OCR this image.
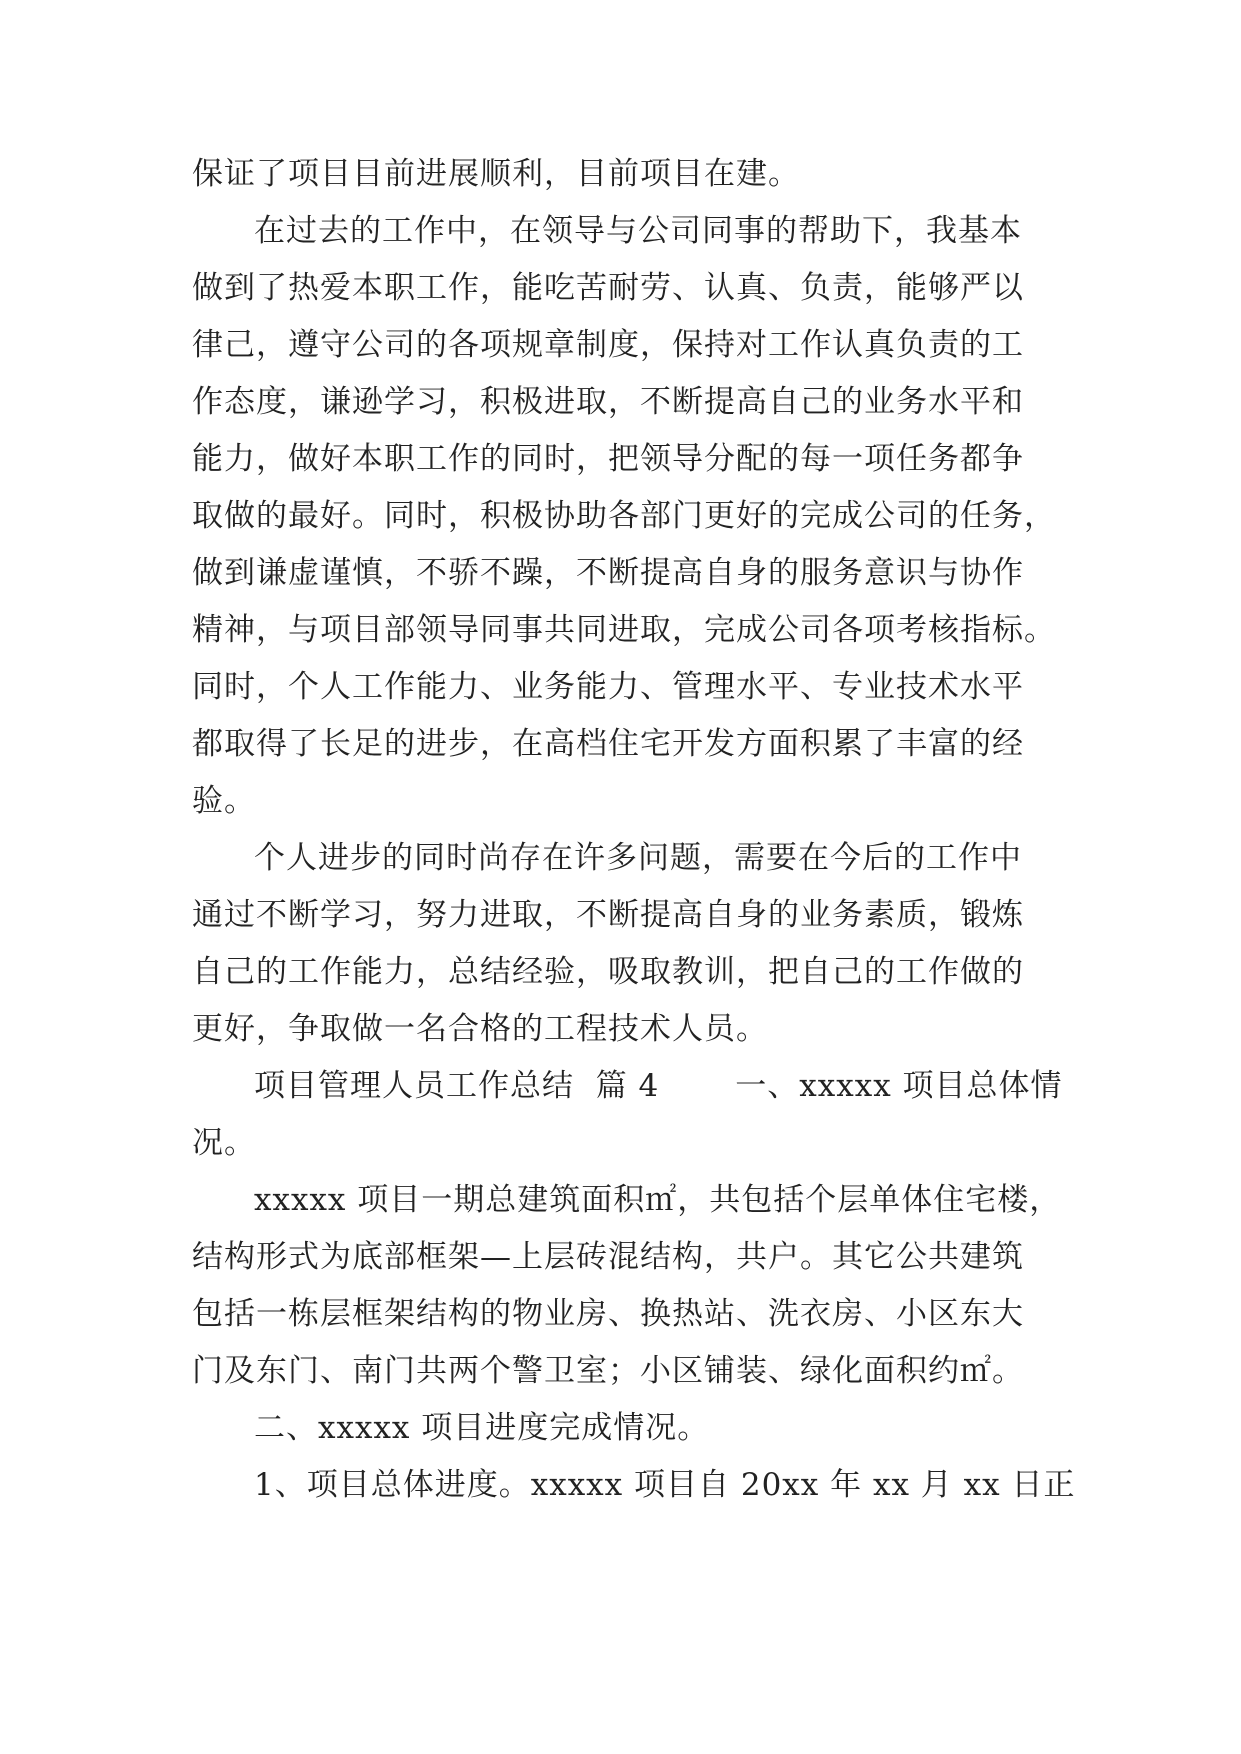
保证了项目目前进展顺利，目前项目在建。
在过去的工作中，在领导与公司同事的帮助下，我基本
做到了热爱本职工作，能吃苦耐劳、认真、负责，能够严以
律己，遵守公司的各项规章制度，保持对工作认真负责的工
作态度，谦逊学习，积极进取，不断提高自己的业务水平和
能力，做好本职工作的同时，把领导分配的每一项任务都争
取做的最好。同时，积极协助各部门更好的完成公司的任务，
做到谦虚谨慎，不骄不躁，不断提高自身的服务意识与协作
精神，与项目部领导同事共同进取，完成公司各项考核指标。
同时，个人工作能力、业务能力、管理水平、专业技术水平
都取得了长足的进步，在高档住宅开发方面积累了丰富的经
验。
个人进步的同时尚存在许多问题，需要在今后的工作中
通过不断学习，努力进取，不断提高自身的业务素质，锻炼
自己的工作能力，总结经验，吸取教训，把自己的工作做的
更好，争取做一名合格的工程技术人员。
项目管理人员工作总结  篇 4       一、xxxxx 项目总体情
况。
xxxxx 项目一期总建筑面积㎡，共包括个层单体住宅楼，
结构形式为底部框架—上层砖混结构，共户。其它公共建筑
包括一栋层框架结构的物业房、换热站、洗衣房、小区东大
门及东门、南门共两个警卫室；小区铺装、绿化面积约㎡。
二、xxxxx 项目进度完成情况。
1、项目总体进度。xxxxx 项目自 20xx 年 xx 月 xx 日正
